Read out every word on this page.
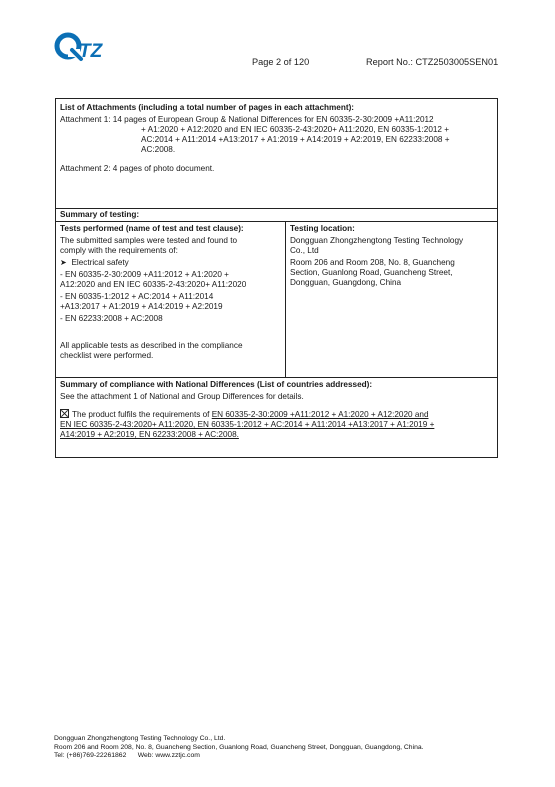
TZ	Page 2 of 120	Report No.: CTZ2503005SEN01
List of Attachments (including a total number of pages in each attachment):
Attachment 1: 14 pages of European Group & National Differences for EN 60335-2-30:2009 +A11:2012
+ A1:2020 + A12:2020 and EN IEC 60335-2-43:2020+ A11:2020, EN 60335-1:2012 +
AC:2014 + A11:2014 +A13:2017 + A1:2019 + A14:2019 + A2:2019, EN 62233:2008 +
AC:2008.
Attachment 2: 4 pages of photo document.
Summary of testing:
Tests performed (name of test and test clause):
The submitted samples were tested and found to
comply with the requirements of:
➤ Electrical safety
- EN 60335-2-30:2009 +A11:2012 + A1:2020 +
A12:2020 and EN IEC 60335-2-43:2020+ A11:2020
- EN 60335-1:2012 + AC:2014 + A11:2014
+A13:2017 + A1:2019 + A14:2019 + A2:2019
- EN 62233:2008 + AC:2008
All applicable tests as described in the compliance
checklist were performed.
Testing location:
Dongguan Zhongzhengtong Testing Technology
Co., Ltd
Room 206 and Room 208, No. 8, Guancheng
Section, Guanlong Road, Guancheng Street,
Dongguan, Guangdong, China
Summary of compliance with National Differences (List of countries addressed):
See the attachment 1 of National and Group Differences for details.
The product fulfils the requirements of EN 60335-2-30:2009 +A11:2012 + A1:2020 + A12:2020 and
EN IEC 60335-2-43:2020+ A11:2020, EN 60335-1:2012 + AC:2014 + A11:2014 +A13:2017 + A1:2019 +
A14:2019 + A2:2019, EN 62233:2008 + AC:2008.
Dongguan Zhongzhengtong Testing Technology Co., Ltd.
Room 206 and Room 208, No. 8, Guancheng Section, Guanlong Road, Guancheng Street, Dongguan, Guangdong, China.
Tel: (+86)769-22261862      Web: www.zztjc.com
